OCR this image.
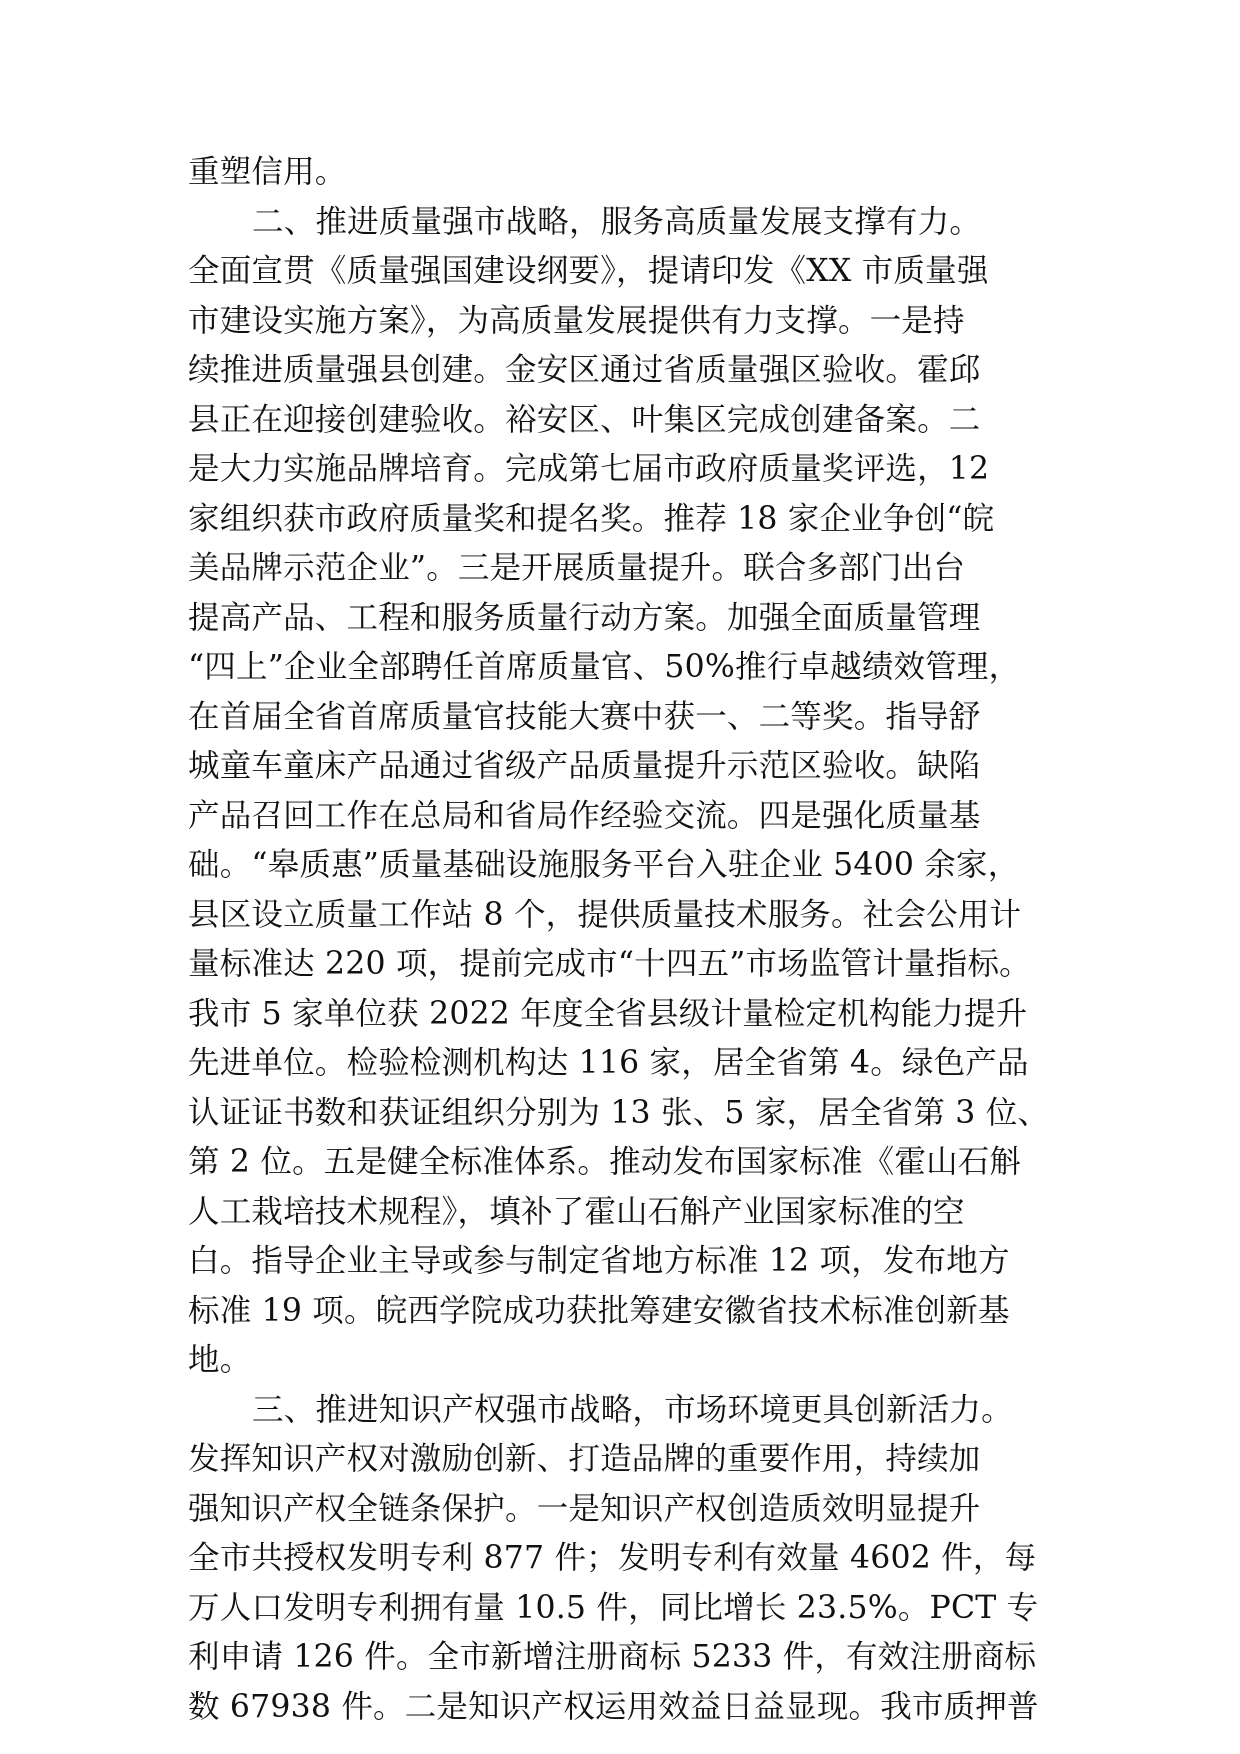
重塑信用。
二、推进质量强市战略，服务高质量发展支撑有力。
全面宣贯《质量强国建设纲要》，提请印发《XX 市质量强
市建设实施方案》，为高质量发展提供有力支撑。一是持
续推进质量强县创建。金安区通过省质量强区验收。霍邱
县正在迎接创建验收。裕安区、叶集区完成创建备案。二
是大力实施品牌培育。完成第七届市政府质量奖评选，12
家组织获市政府质量奖和提名奖。推荐 18 家企业争创“皖
美品牌示范企业”。三是开展质量提升。联合多部门出台
提高产品、工程和服务质量行动方案。加强全面质量管理
“四上”企业全部聘任首席质量官、50%推行卓越绩效管理，
在首届全省首席质量官技能大赛中获一、二等奖。指导舒
城童车童床产品通过省级产品质量提升示范区验收。缺陷
产品召回工作在总局和省局作经验交流。四是强化质量基
础。“皋质惠”质量基础设施服务平台入驻企业 5400 余家，
县区设立质量工作站 8 个，提供质量技术服务。社会公用计
量标准达 220 项，提前完成市“十四五”市场监管计量指标。
我市 5 家单位获 2022 年度全省县级计量检定机构能力提升
先进单位。检验检测机构达 116 家，居全省第 4。绿色产品
认证证书数和获证组织分别为 13 张、5 家，居全省第 3 位、
第 2 位。五是健全标准体系。推动发布国家标准《霍山石斛
人工栽培技术规程》，填补了霍山石斛产业国家标准的空
白。指导企业主导或参与制定省地方标准 12 项，发布地方
标准 19 项。皖西学院成功获批筹建安徽省技术标准创新基
地。
三、推进知识产权强市战略，市场环境更具创新活力。
发挥知识产权对激励创新、打造品牌的重要作用，持续加
强知识产权全链条保护。一是知识产权创造质效明显提升
全市共授权发明专利 877 件；发明专利有效量 4602 件，每
万人口发明专利拥有量 10.5 件，同比增长 23.5%。PCT 专
利申请 126 件。全市新增注册商标 5233 件，有效注册商标
数 67938 件。二是知识产权运用效益日益显现。我市质押普
